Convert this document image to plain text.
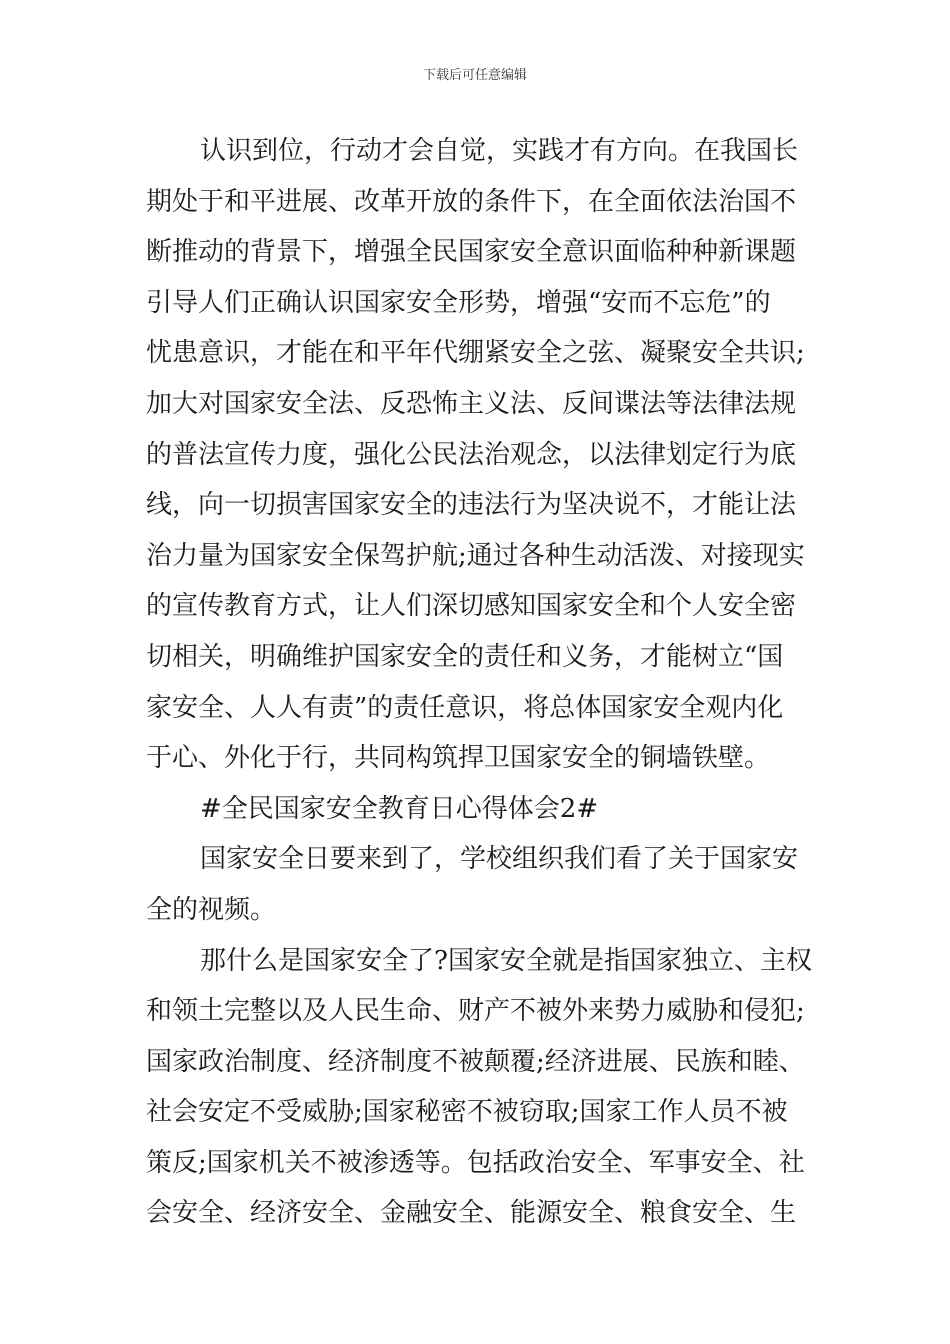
下载后可任意编辑
认识到位，行动才会自觉，实践才有方向。在我国长
期处于和平进展、改革开放的条件下，在全面依法治国不
断推动的背景下，增强全民国家安全意识面临种种新课题
引导人们正确认识国家安全形势，增强“安而不忘危”的
忧患意识，才能在和平年代绷紧安全之弦、凝聚安全共识;
加大对国家安全法、反恐怖主义法、反间谍法等法律法规
的普法宣传力度，强化公民法治观念，以法律划定行为底
线，向一切损害国家安全的违法行为坚决说不，才能让法
治力量为国家安全保驾护航;通过各种生动活泼、对接现实
的宣传教育方式，让人们深切感知国家安全和个人安全密
切相关，明确维护国家安全的责任和义务，才能树立“国
家安全、人人有责”的责任意识，将总体国家安全观内化
于心、外化于行，共同构筑捍卫国家安全的铜墙铁壁。
#全民国家安全教育日心得体会2#
国家安全日要来到了，学校组织我们看了关于国家安
全的视频。
那什么是国家安全了?国家安全就是指国家独立、主权
和领土完整以及人民生命、财产不被外来势力威胁和侵犯;
国家政治制度、经济制度不被颠覆;经济进展、民族和睦、
社会安定不受威胁;国家秘密不被窃取;国家工作人员不被
策反;国家机关不被渗透等。包括政治安全、军事安全、社
会安全、经济安全、金融安全、能源安全、粮食安全、生
